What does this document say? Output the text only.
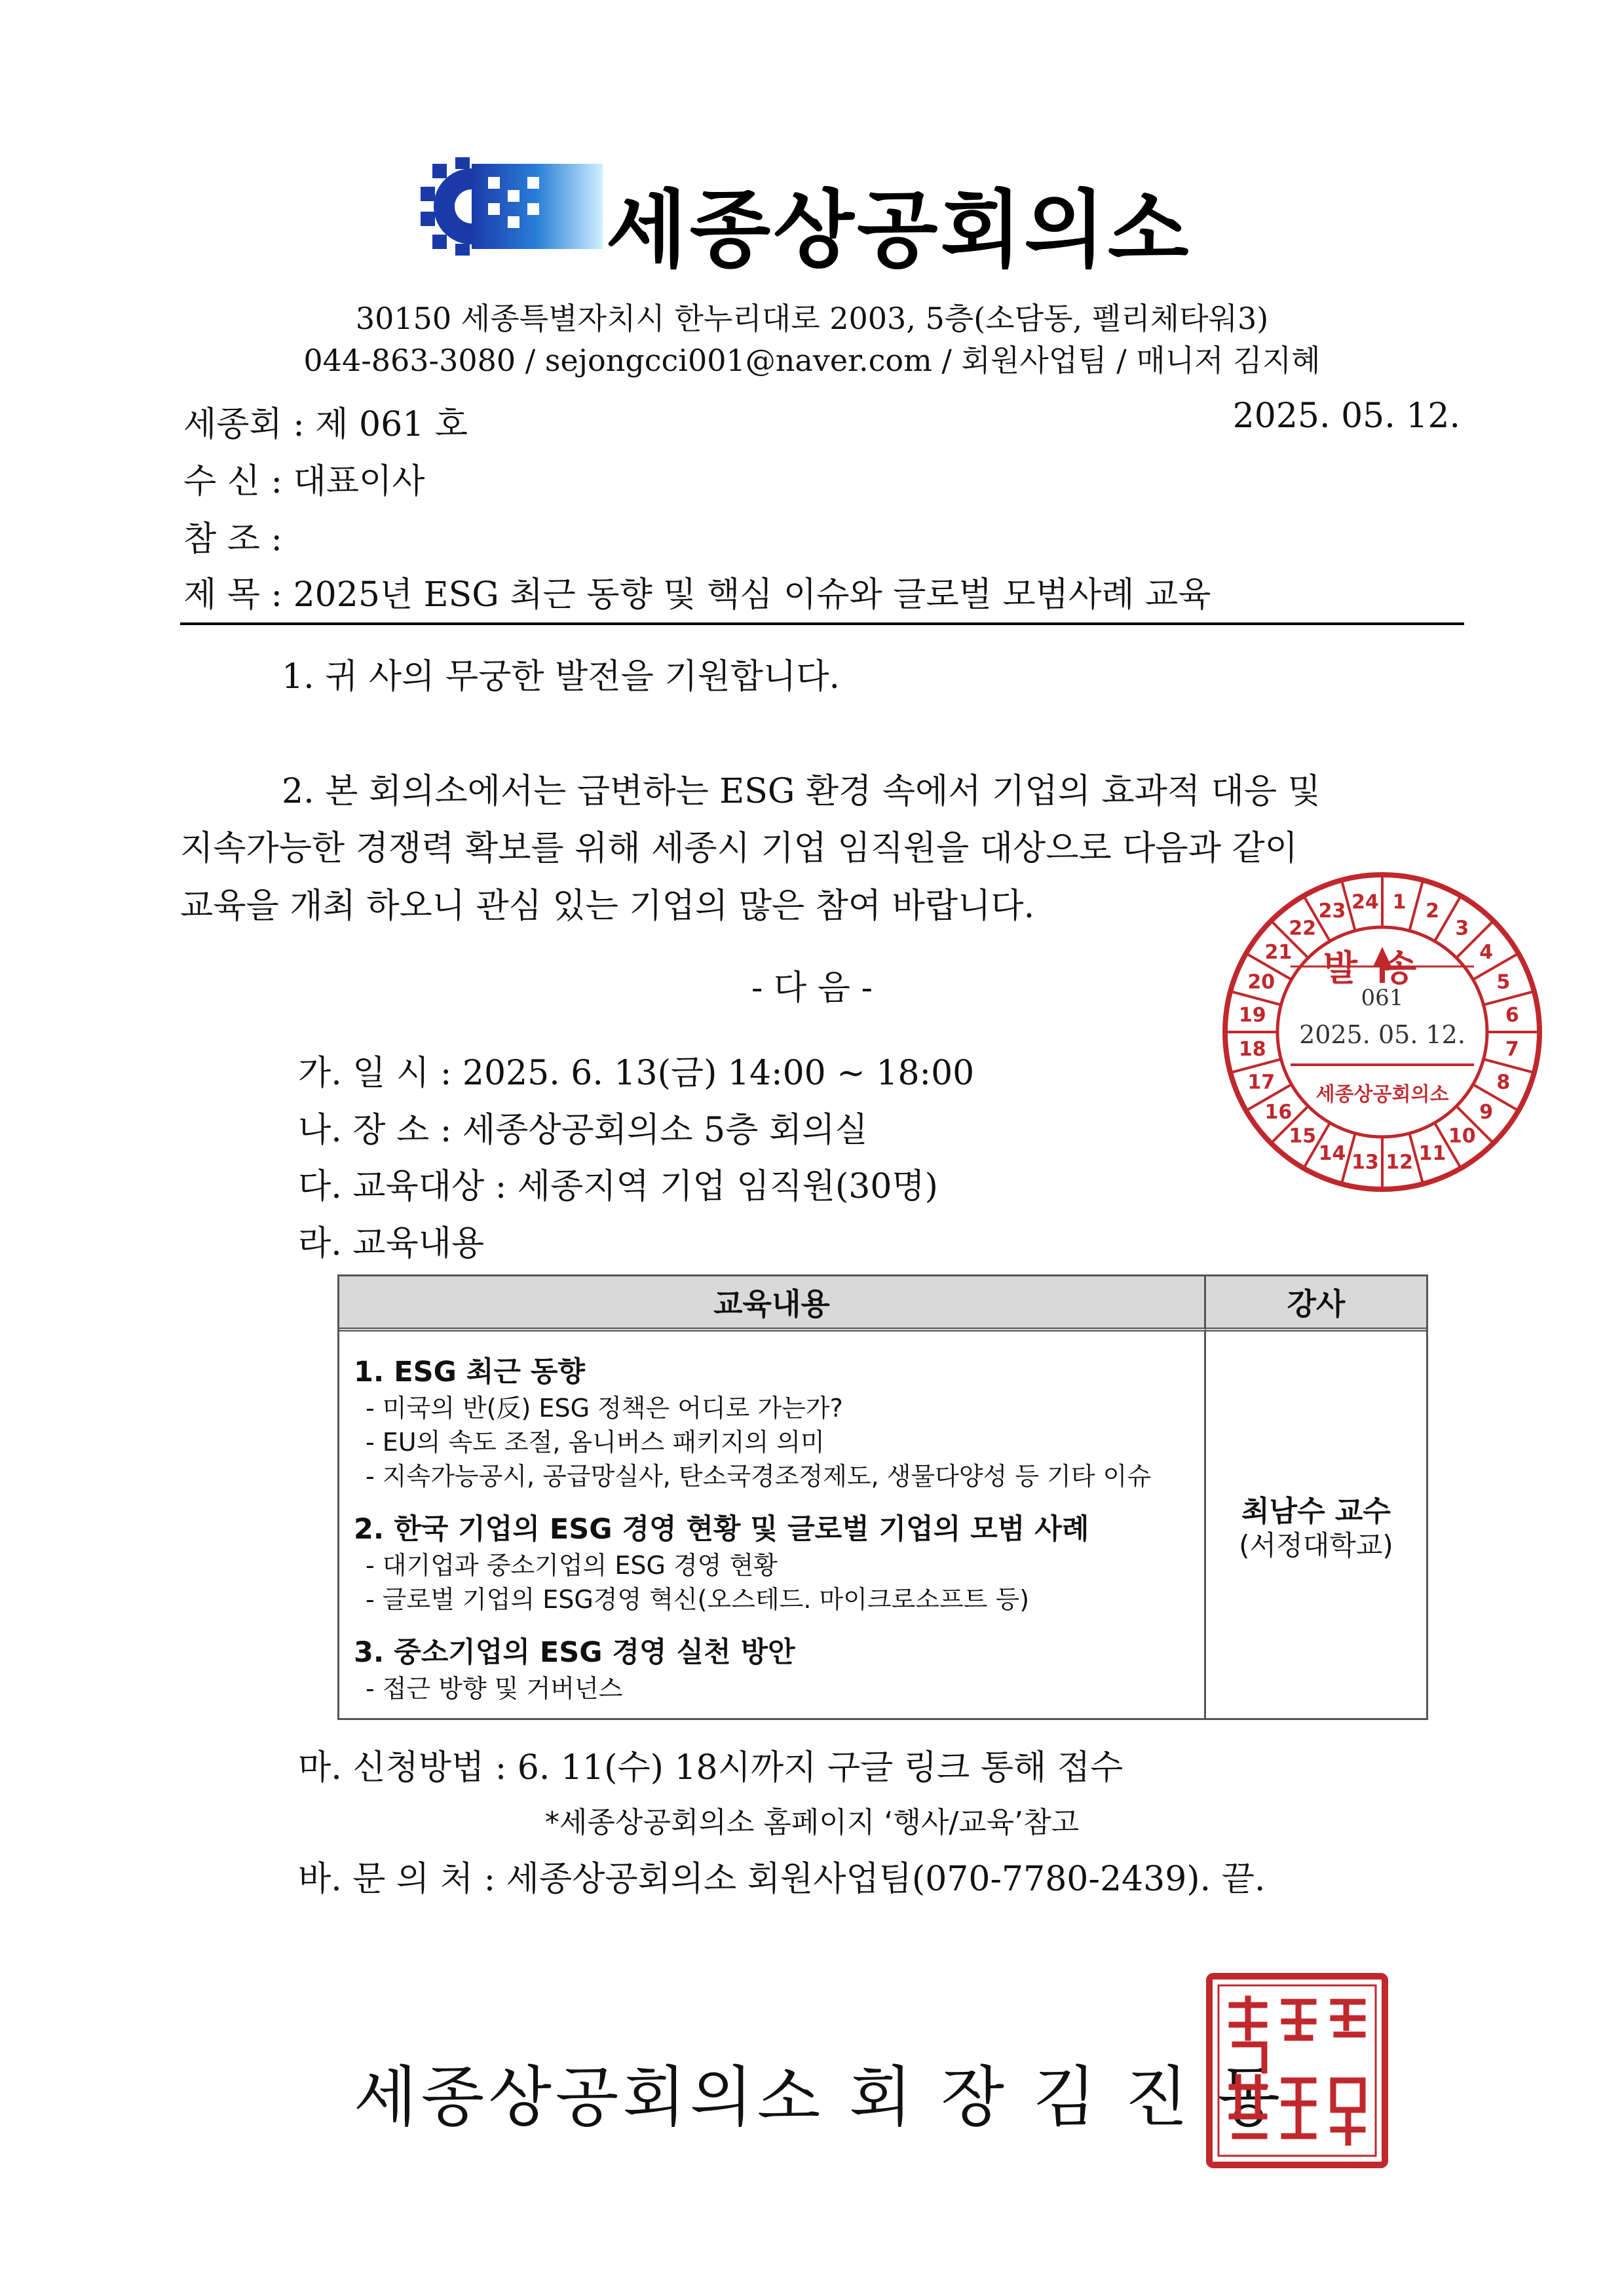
세종상공회의소
30150 세종특별자치시 한누리대로 2003, 5층(소담동, 펠리체타워3)
044-863-3080 / sejongcci001@naver.com / 회원사업팀 / 매니저 김지혜
세종회 : 제 061 호	2025. 05. 12.
수 신 : 대표이사
참 조 :
제 목 : 2025년 ESG 최근 동향 및 핵심 이슈와 글로벌 모범사례 교육
1. 귀 사의 무궁한 발전을 기원합니다.
2. 본 회의소에서는 급변하는 ESG 환경 속에서 기업의 효과적 대응 및
지속가능한 경쟁력 확보를 위해 세종시 기업 임직원을 대상으로 다음과 같이
교육을 개최 하오니 관심 있는 기업의 많은 참여 바랍니다.
- 다 음 -
가. 일 시 : 2025. 6. 13(금) 14:00 ~ 18:00
나. 장 소 : 세종상공회의소 5층 회의실
다. 교육대상 : 세종지역 기업 임직원(30명)
라. 교육내용
교육내용	강사
1. ESG 최근 동향
- 미국의 반(反) ESG 정책은 어디로 가는가?
- EU의 속도 조절, 옴니버스 패키지의 의미
- 지속가능공시, 공급망실사, 탄소국경조정제도, 생물다양성 등 기타 이슈
2. 한국 기업의 ESG 경영 현황 및 글로벌 기업의 모범 사례
- 대기업과 중소기업의 ESG 경영 현황
- 글로벌 기업의 ESG경영 혁신(오스테드. 마이크로소프트 등)
3. 중소기업의 ESG 경영 실천 방안
- 접근 방향 및 거버넌스
최남수 교수
(서정대학교)
마. 신청방법 : 6. 11(수) 18시까지 구글 링크 통해 접수
*세종상공회의소 홈페이지 ‘행사/교육’참고
바. 문 의 처 : 세종상공회의소 회원사업팀(070-7780-2439). 끝.
1 2
3
4
5
6
7
8
9
10
11
12
13
14
15
16
17
18
19
20
21
22
23 24
발송
061
2025. 05. 12.
세종상공회의소
세종상공회의소 회 장 김 진 동
